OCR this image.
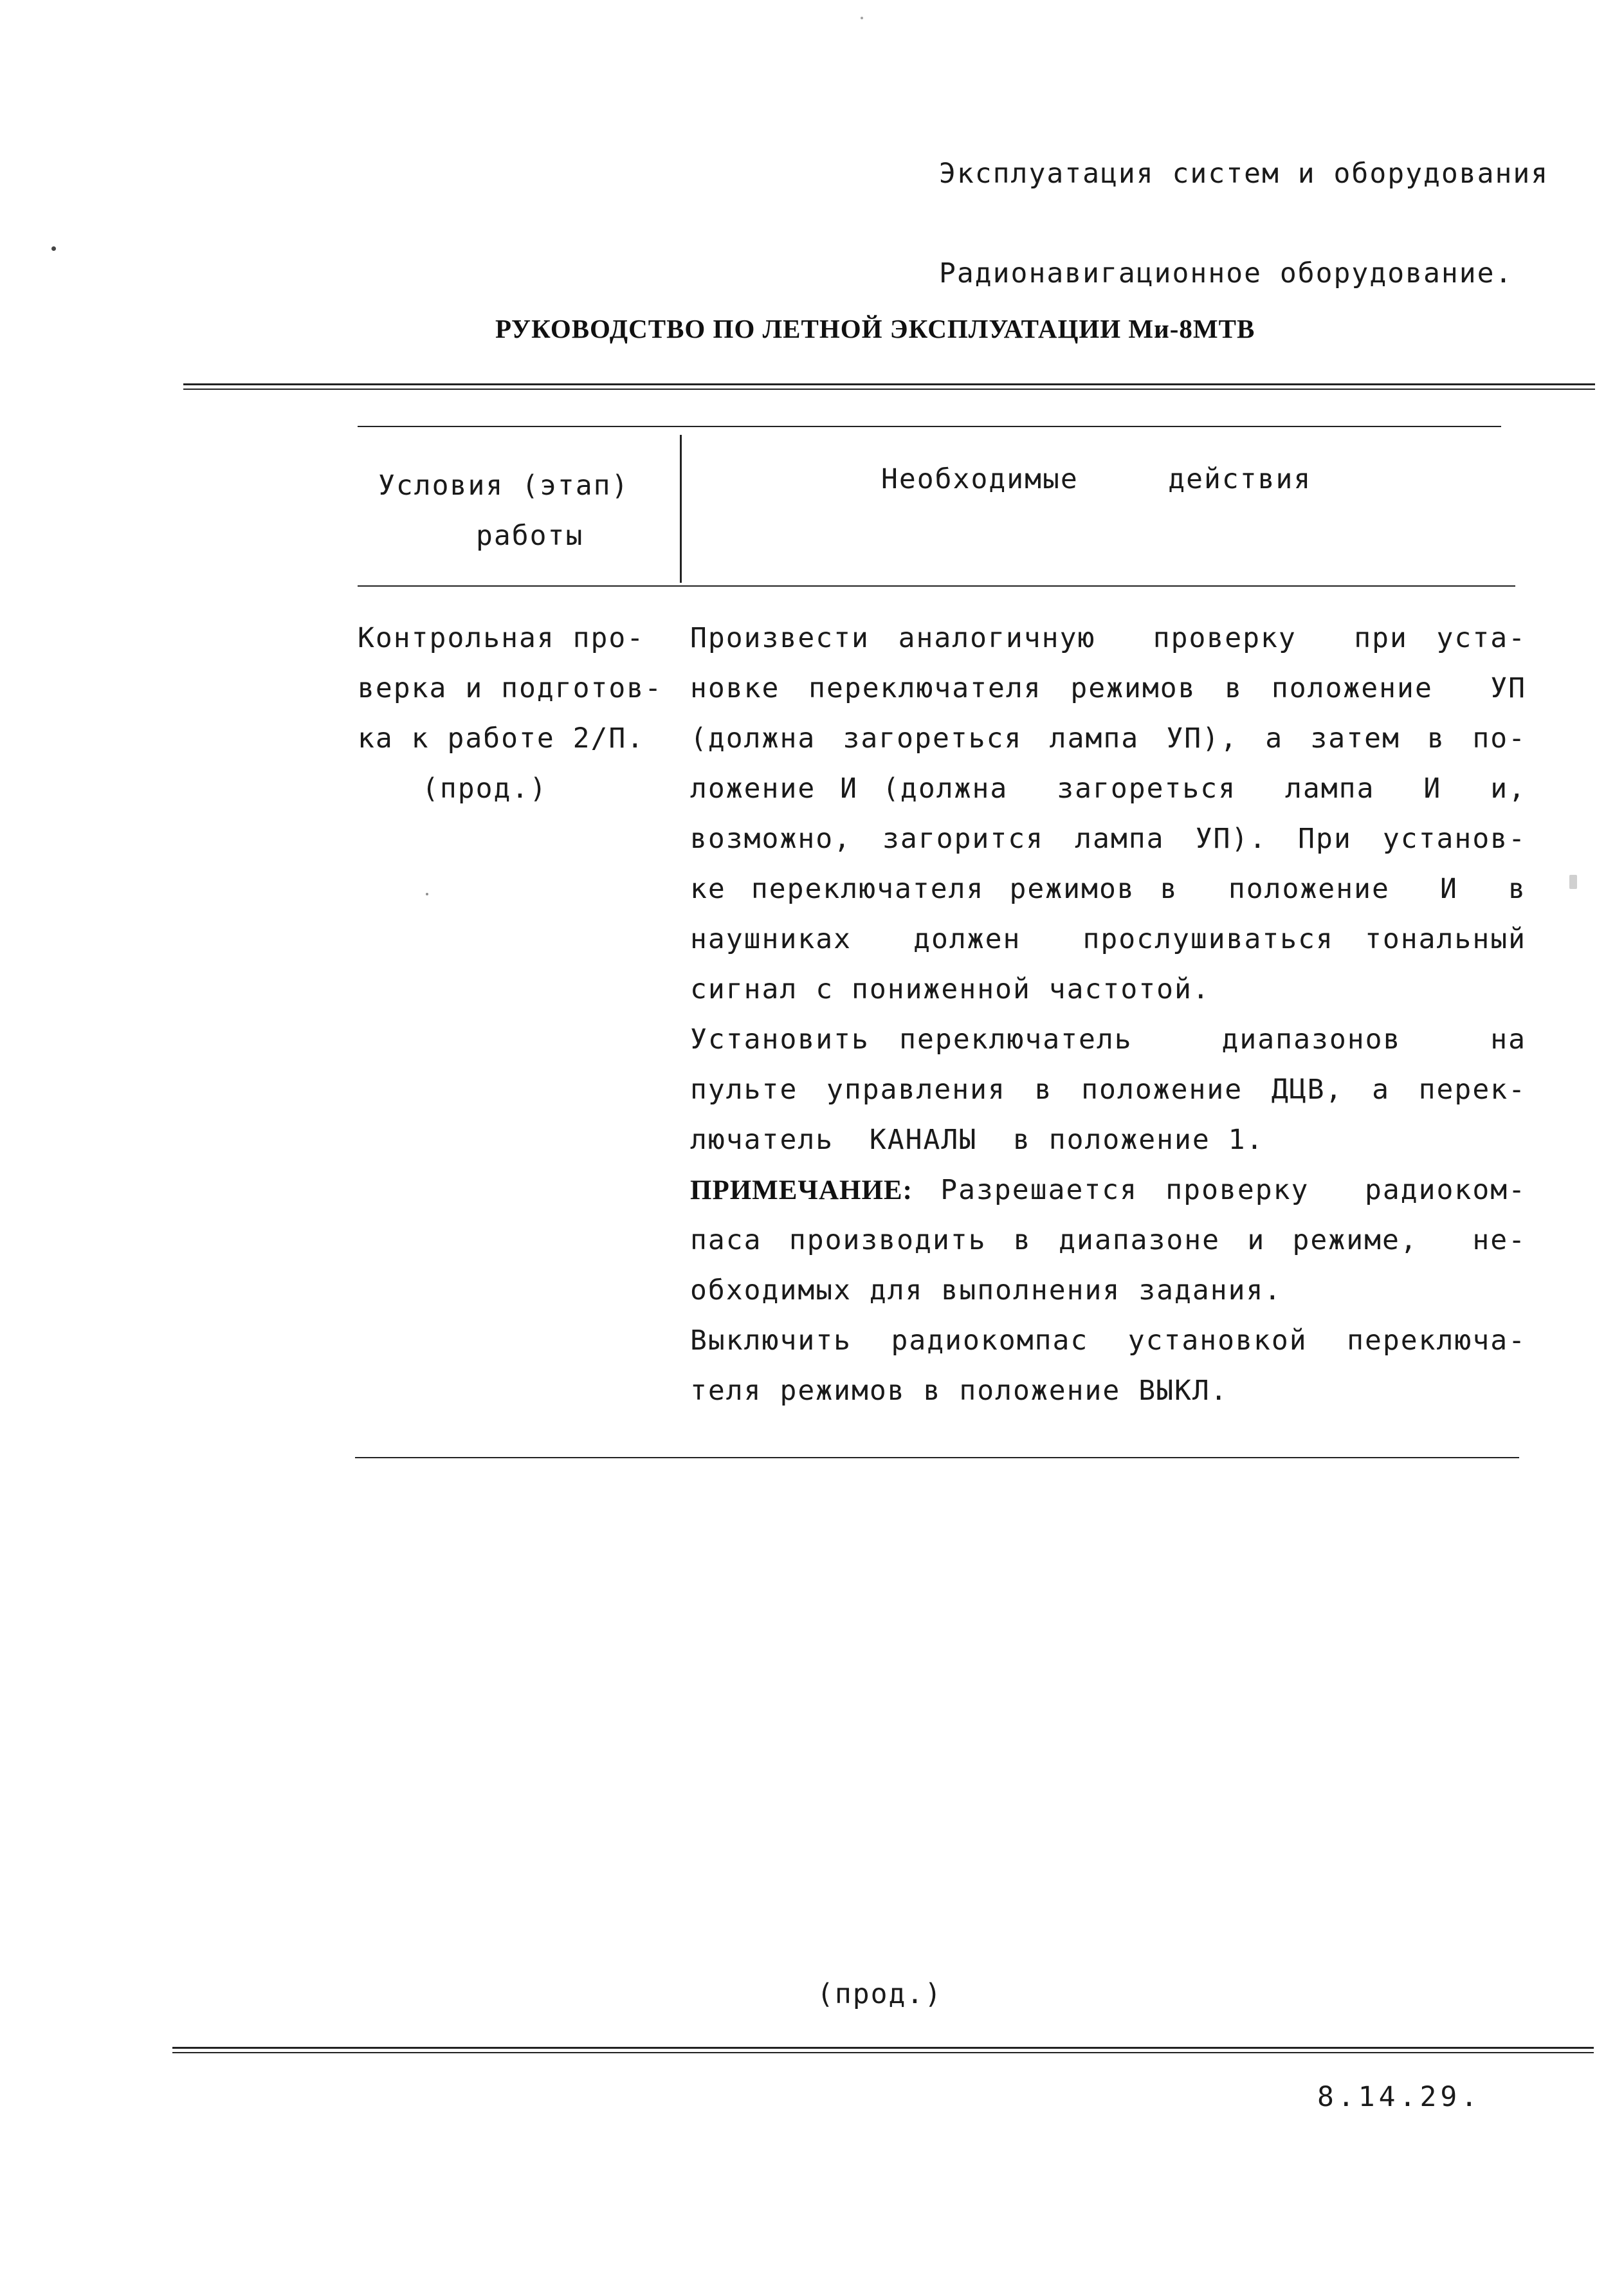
Эксплуатация систем и оборудования
Радионавигационное оборудование.
РУКОВОДСТВО ПО ЛЕТНОЙ ЭКСПЛУАТАЦИИ Ми-8МТВ
Условия (этап)
работы
Необходимые     действия
Контрольная про-
верка и подготов-
ка к работе 2/П.
(прод.)
Произвести аналогичную  проверку  при уста-
новке переключателя режимов в положение  УП
(должна загореться лампа УП), а затем в по-
ложение И (должна  загореться  лампа  И  и,
возможно, загорится лампа УП). При установ-
ке переключателя режимов в  положение  И  в
наушниках  должен  прослушиваться тональный
сигнал с пониженной частотой.
Установить переключатель   диапазонов   на
пульте управления в положение ДЦВ, а перек-
лючатель  КАНАЛЫ  в положение 1.
ПРИМЕЧАНИЕ: Разрешается проверку  радиоком-
паса производить в диапазоне и режиме,  не-
обходимых для выполнения задания.
Выключить радиокомпас установкой переключа-
теля режимов в положение ВЫКЛ.
(прод.)
8.14.29.
